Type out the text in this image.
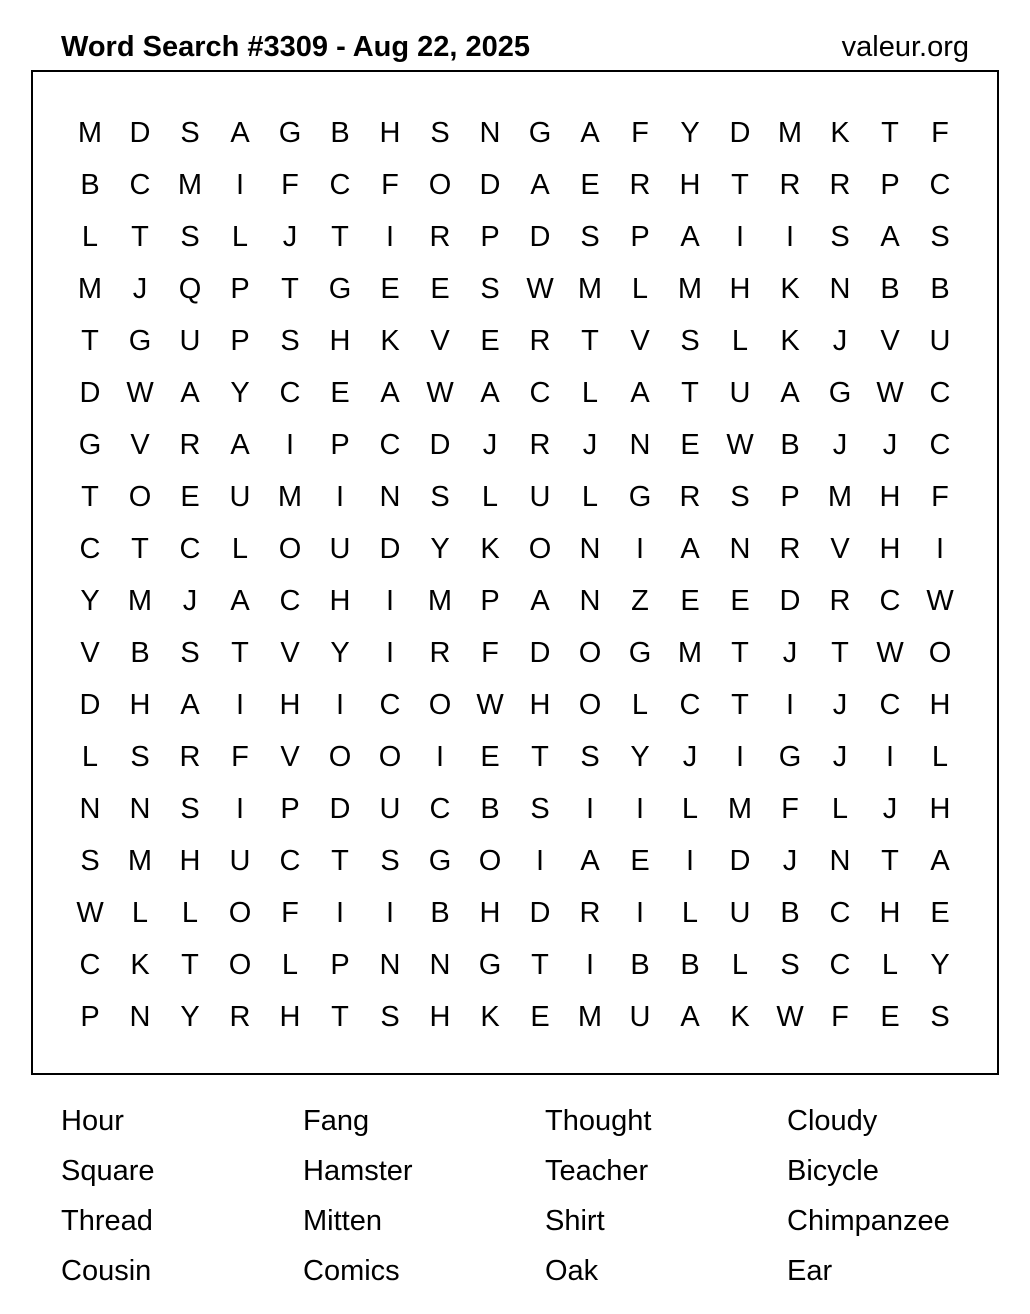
Word Search #3309 - Aug 22, 2025	valeur.org
M D	S	A	G	B	H	S	N G	A	F	Y	D M K	T	F
B	C M	I	F	C	F	O D	A	E	R	H	T	R	R	P	C
L	T	S	L	J	T	I	R	P	D	S	P	A	I	I	S	A	S
M	J	Q	P	T	G	E	E	S W M	L	M H	K	N	B	B
T	G U	P	S	H	K	V	E	R	T	V	S	L	K	J	V	U
D W A	Y	C	E	A W A	C	L	A	T	U	A	G W C
G	V	R	A	I	P	C	D	J	R	J	N	E W B	J	J	C
T	O	E	U M	I	N	S	L	U	L	G R	S	P M H	F
C	T	C	L	O U	D	Y	K	O N	I	A	N	R	V	H	I
Y M	J	A	C	H	I	M P	A	N	Z	E	E	D	R	C W
V	B	S	T	V	Y	I	R	F	D O G M	T	J	T W O
D	H	A	I	H	I	C O W H O	L	C	T	I	J	C	H
L	S	R	F	V	O O	I	E	T	S	Y	J	I	G	J	I	L
N	N	S	I	P	D	U	C	B	S	I	I	L	M	F	L	J	H
S M H	U	C	T	S	G O	I	A	E	I	D	J	N	T	A
W L	L	O	F	I	I	B	H	D	R	I	L	U	B	C	H	E
C	K	T	O	L	P	N	N G	T	I	B	B	L	S	C	L	Y
P	N	Y	R	H	T	S	H	K	E M U	A	K W F	E	S
Hour	Fang	Thought	Cloudy
Square	Hamster	Teacher	Bicycle
Thread	Mitten	Shirt	Chimpanzee
Cousin	Comics	Oak	Ear
